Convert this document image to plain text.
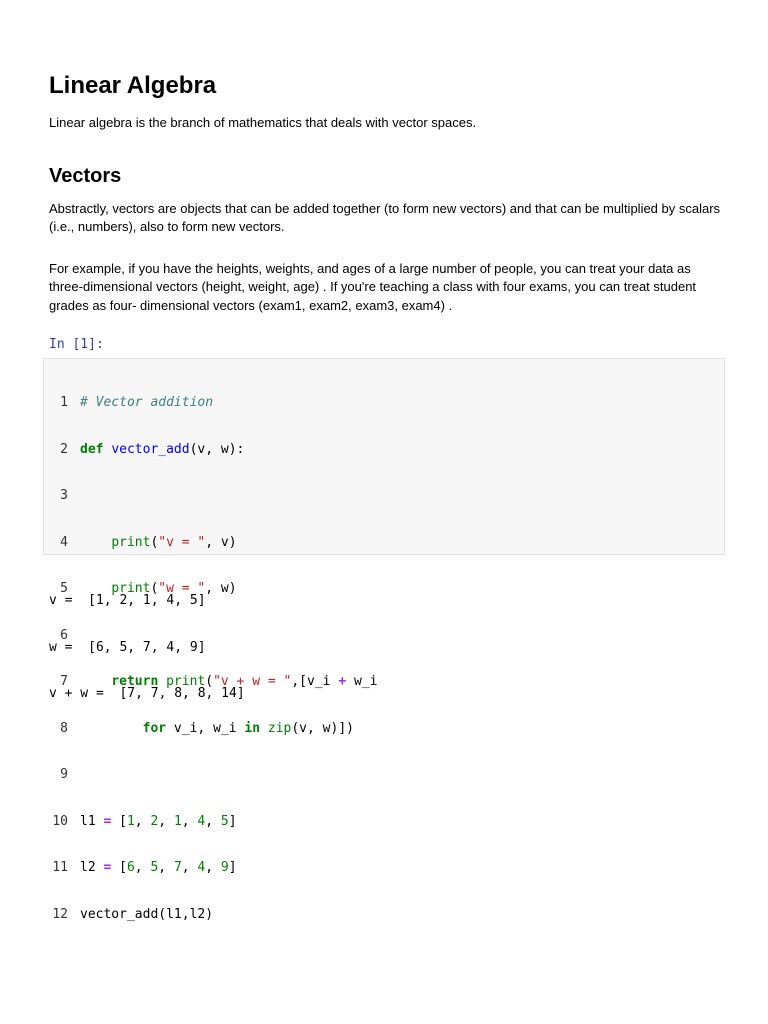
Linear Algebra

Linear algebra is the branch of mathematics that deals with vector spaces.

Vectors

Abstractly, vectors are objects that can be added together (to form new vectors) and that can be multiplied by scalars (i.e., numbers), also to form new vectors.

For example, if you have the heights, weights, and ages of a large number of people, you can treat your data as three-dimensional vectors (height, weight, age) . If you're teaching a class with four exams, you can treat student grades as four- dimensional vectors (exam1, exam2, exam3, exam4) .

In [1]:

1 # Vector addition

2 def vector_add(v, w):

3

4	print("v = ", v)

5	print("w = ", w)

6

7	return print("v + w = ",[v_i + w_i

8	for v_i, w_i in zip(v, w)])

9

10 l1 = [1, 2, 1, 4, 5]

11 l2 = [6, 5, 7, 4, 9]

12 vector_add(l1,l2)

v =  [1, 2, 1, 4, 5]

w =  [6, 5, 7, 4, 9]

v + w =  [7, 7, 8, 8, 14]
